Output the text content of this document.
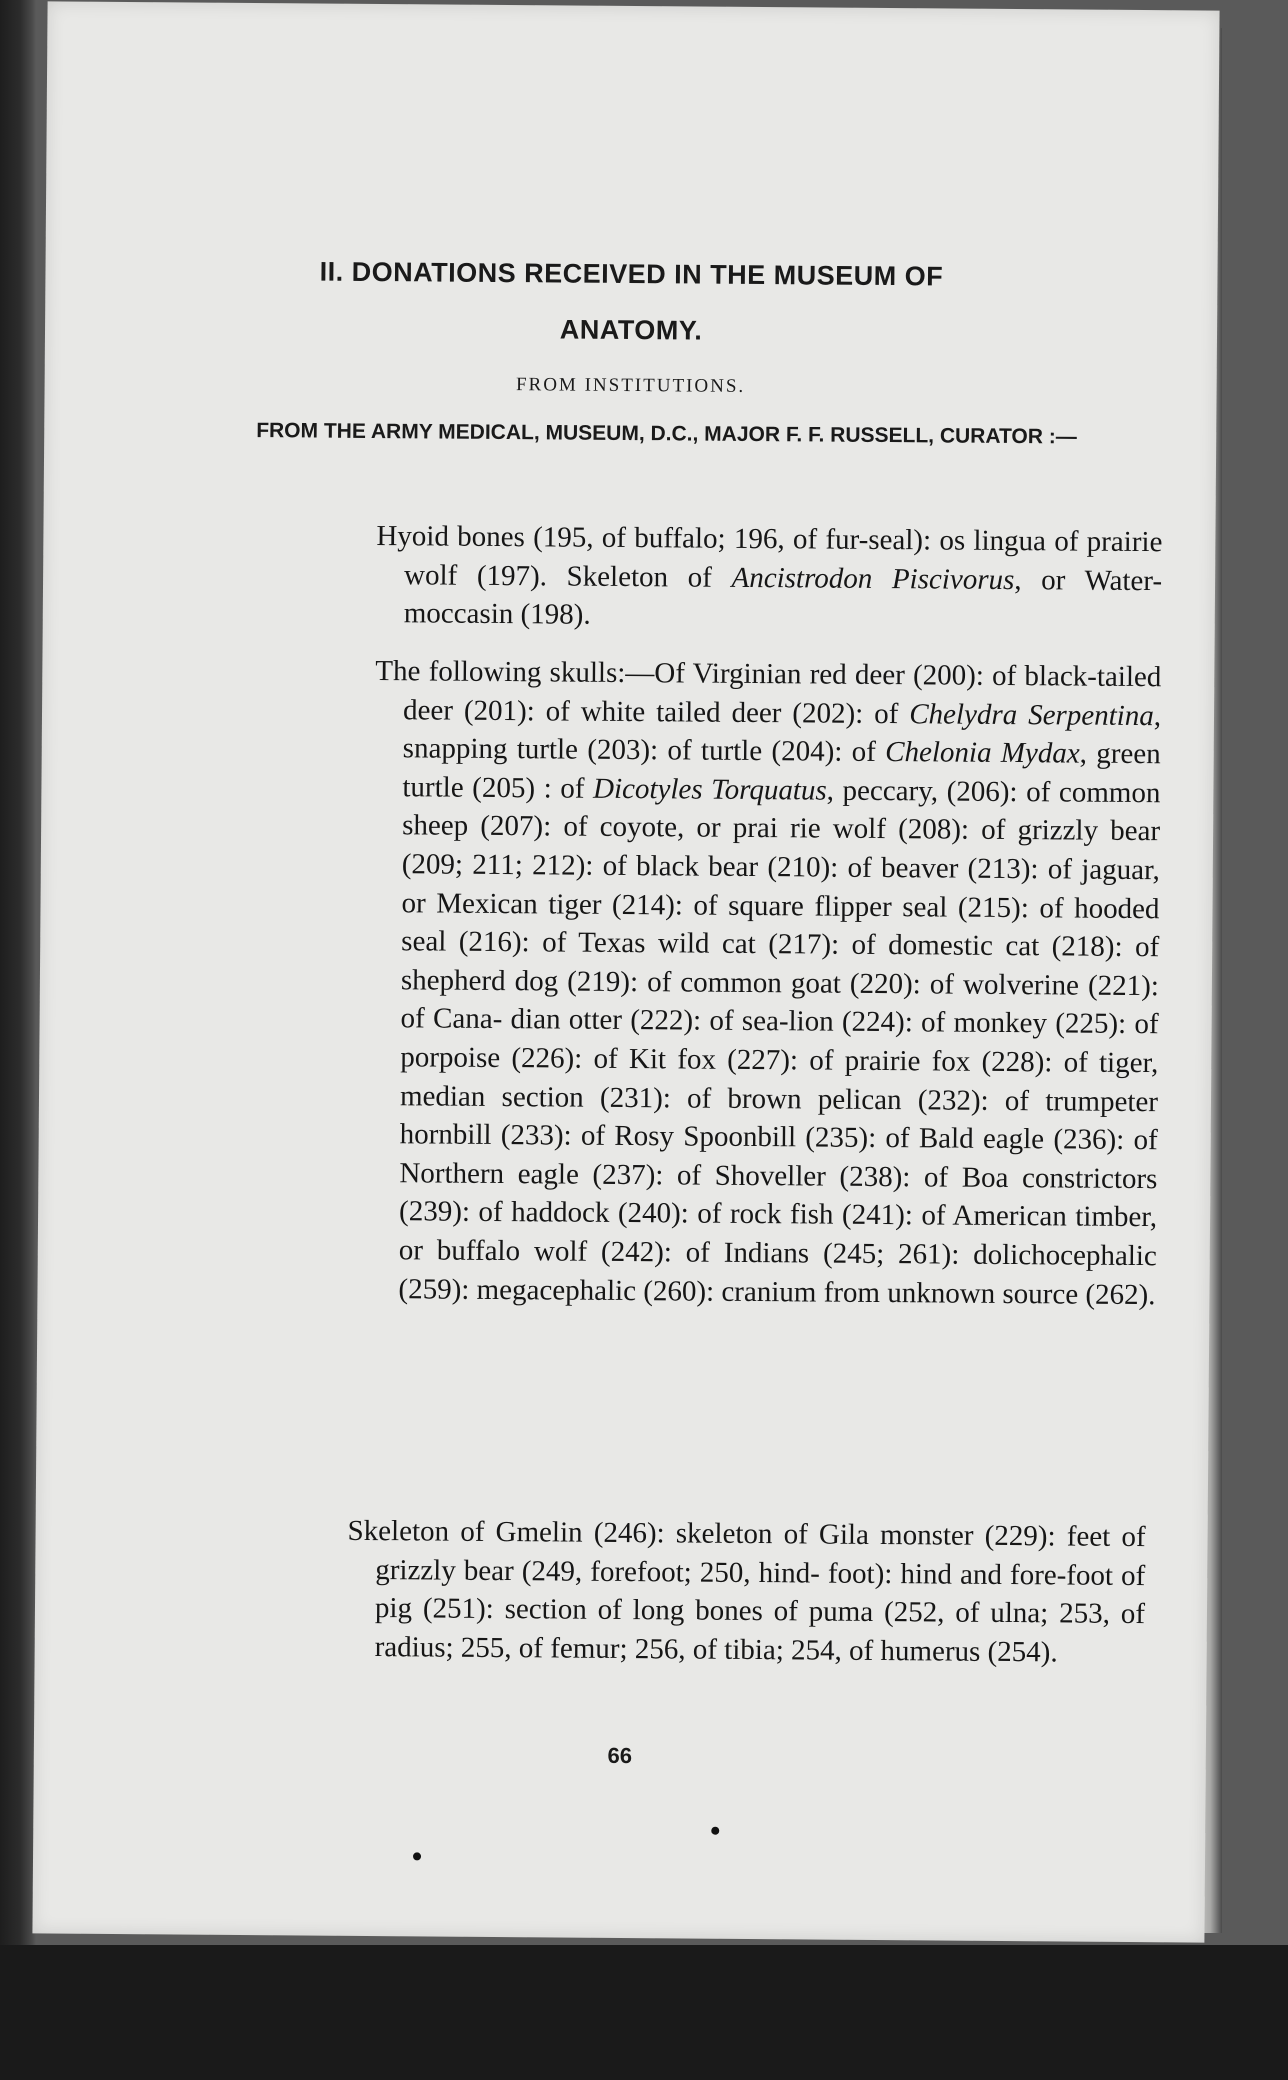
II. DONATIONS RECEIVED IN THE MUSEUM OF
ANATOMY.
FROM INSTITUTIONS.
FROM THE ARMY MEDICAL, MUSEUM, D.C., MAJOR F. F. RUSSELL, CURATOR :—
Hyoid bones (195, of buffalo; 196, of fur-seal): os lingua of prairie wolf (197). Skeleton of Ancistrodon Piscivorus, or Water-moccasin (198).
The following skulls:—Of Virginian red deer (200): of black-tailed deer (201): of white tailed deer (202): of Chelydra Serpentina, snapping turtle (203): of turtle (204): of Chelonia Mydax, green turtle (205) : of Dicotyles Torquatus, peccary, (206): of common sheep (207): of coyote, or prai rie wolf (208): of grizzly bear (209; 211; 212): of black bear (210): of beaver (213): of jaguar, or Mexican tiger (214): of square flipper seal (215): of hooded seal (216): of Texas wild cat (217): of domestic cat (218): of shepherd dog (219): of common goat (220): of wolverine (221): of Cana- dian otter (222): of sea-lion (224): of monkey (225): of porpoise (226): of Kit fox (227): of prairie fox (228): of tiger, median section (231): of brown pelican (232): of trumpeter hornbill (233): of Rosy Spoonbill (235): of Bald eagle (236): of Northern eagle (237): of Shoveller (238): of Boa constrictors (239): of haddock (240): of rock fish (241): of American timber, or buffalo wolf (242): of Indians (245; 261): dolichocephalic (259): megacephalic (260): cranium from unknown source (262).
Skeleton of Gmelin (246): skeleton of Gila monster (229): feet of grizzly bear (249, forefoot; 250, hind- foot): hind and fore-foot of pig (251): section of long bones of puma (252, of ulna; 253, of radius; 255, of femur; 256, of tibia; 254, of humerus (254).
66
